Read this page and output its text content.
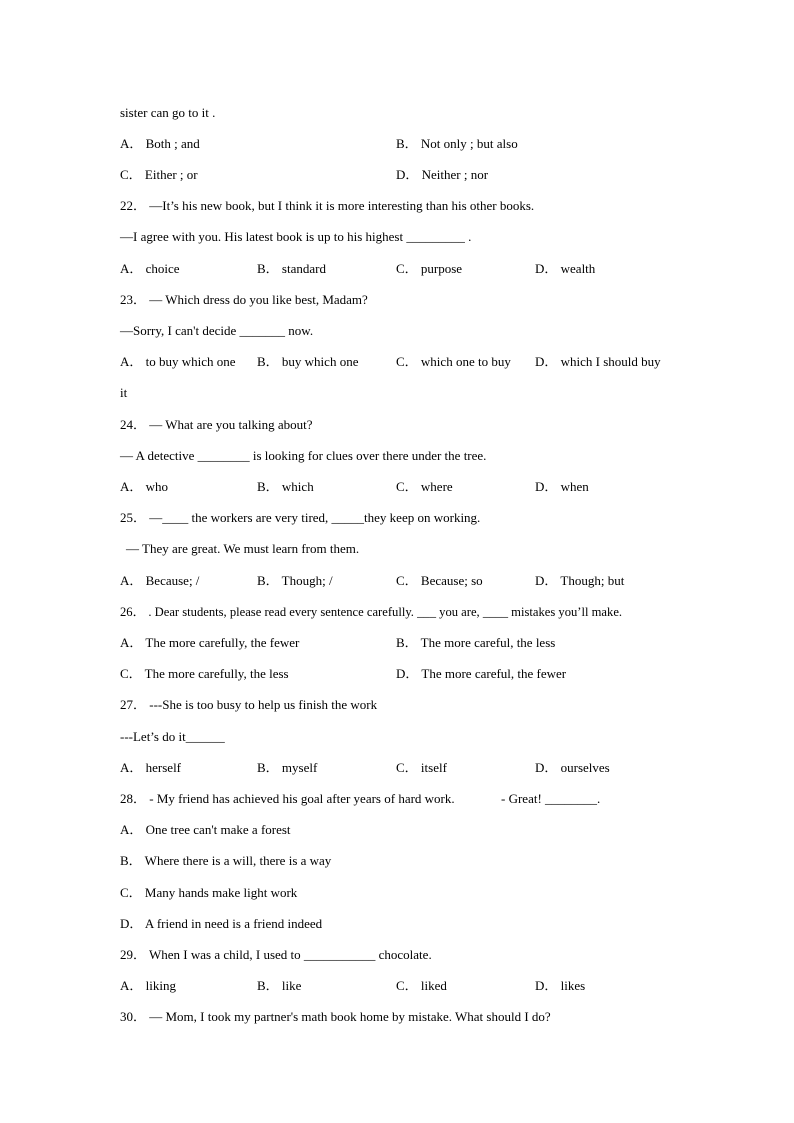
sister can go to it .
A． Both ; and	B． Not only ; but also
C． Either ; or	D． Neither ; nor
22． —It’s his new book, but I think it is more interesting than his other books.
—I agree with you. His latest book is up to his highest _________ .
A． choice	B． standard	C． purpose	D． wealth
23． — Which dress do you like best, Madam?
—Sorry, I can't decide _______ now.
A． to buy which one B． buy which one	C． which one to buy D． which I should buy
it
24． — What are you talking about?
— A detective ________ is looking for clues over there under the tree.
A． who	B． which	C． where	D． when
25． —____ the workers are very tired, _____they keep on working.
— They are great. We must learn from them.
A． Because; /	B． Though; /	C． Because; so	D． Though; but
26． . Dear students, please read every sentence carefully. ___ you are, ____ mistakes you’ll make.
A． The more carefully, the fewer	B． The more careful, the less
C． The more carefully, the less	D． The more careful, the fewer
27． ---She is too busy to help us finish the work
---Let’s do it______
A． herself	B． myself	C． itself	D． ourselves
28． - My friend has achieved his goal after years of hard work.	- Great! ________.
A． One tree can't make a forest
B． Where there is a will, there is a way
C． Many hands make light work
D． A friend in need is a friend indeed
29． When I was a child, I used to ___________ chocolate.
A． liking	B． like	C． liked	D． likes
30． — Mom, I took my partner's math book home by mistake. What should I do?
